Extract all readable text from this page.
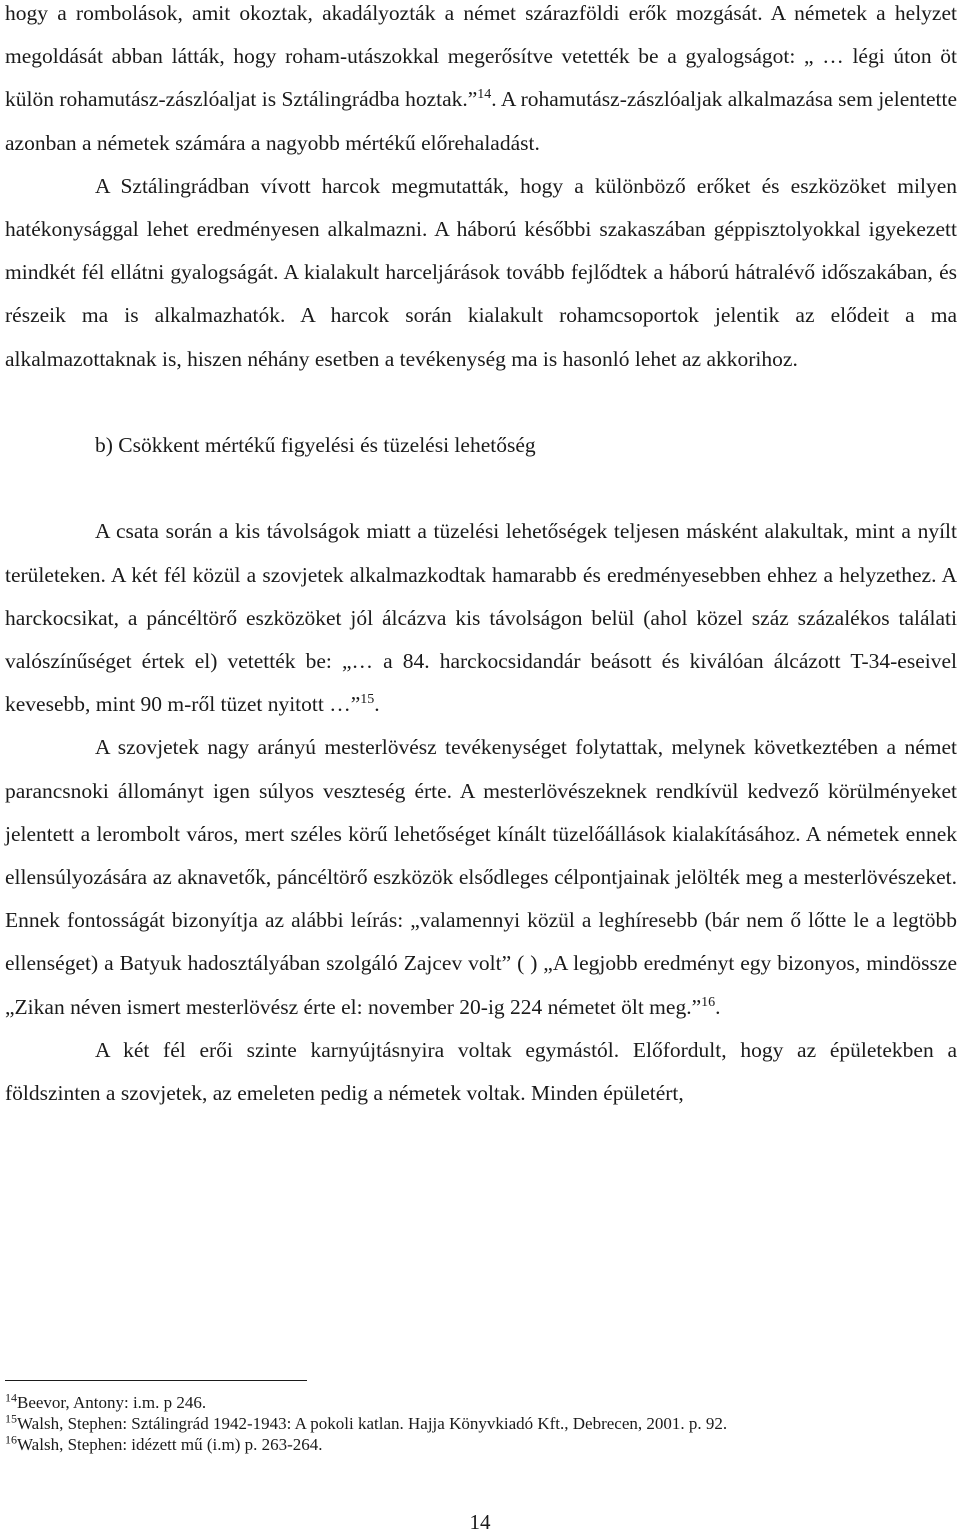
hogy a rombolások, amit okoztak, akadályozták a német szárazföldi erők mozgását. A németek a helyzet megoldását abban látták, hogy roham-utászokkal megerősítve vetették be a gyalogságot: „ … légi úton öt külön rohamutász-zászlóaljat is Sztálingrádba hoztak.”$^{14}$. A rohamutász-zászlóaljak alkalmazása sem jelentette azonban a németek számára a nagyobb mértékű előrehaladást.

A Sztálingrádban vívott harcok megmutatták, hogy a különböző erőket és eszközöket milyen hatékonysággal lehet eredményesen alkalmazni. A háború későbbi szakaszában géppisztolyokkal igyekezett mindkét fél ellátni gyalogságát. A kialakult harceljárások tovább fejlődtek a háború hátralévő időszakában, és részeik ma is alkalmazhatók. A harcok során kialakult rohamcsoportok jelentik az elődeit a ma alkalmazottaknak is, hiszen néhány esetben a tevékenység ma is hasonló lehet az akkorihoz.

b) Csökkent mértékű figyelési és tüzelési lehetőség

A csata során a kis távolságok miatt a tüzelési lehetőségek teljesen másként alakultak, mint a nyílt területeken. A két fél közül a szovjetek alkalmazkodtak hamarabb és eredményesebben ehhez a helyzethez. A harckocsikat, a páncéltörő eszközöket jól álcázva kis távolságon belül (ahol közel száz százalékos találati valószínűséget értek el) vetették be: „… a 84. harckocsidandár beásott és kiválóan álcázott T-34-eseivel kevesebb, mint 90 m-ről tüzet nyitott …”$^{15}$.

A szovjetek nagy arányú mesterlövész tevékenységet folytattak, melynek következtében a német parancsnoki állományt igen súlyos veszteség érte. A mesterlövészeknek rendkívül kedvező körülményeket jelentett a lerombolt város, mert széles körű lehetőséget kínált tüzelőállások kialakításához. A németek ennek ellensúlyozására az aknavetők, páncéltörő eszközök elsődleges célpontjainak jelölték meg a mesterlövészeket. Ennek fontosságát bizonyítja az alábbi leírás: „valamennyi közül a leghíresebb (bár nem ő lőtte le a legtöbb ellenséget) a Batyuk hadosztályában szolgáló Zajcev volt” ( ) „A legjobb eredményt egy bizonyos, mindössze „Zikan néven ismert mesterlövész érte el: november 20-ig 224 németet ölt meg.”$^{16}$.

A két fél erői szinte karnyújtásnyira voltak egymástól. Előfordult, hogy az épületekben a földszinten a szovjetek, az emeleten pedig a németek voltak. Minden épületért,

$^{14}$Beevor, Antony: i.m. p 246.
$^{15}$Walsh, Stephen: Sztálingrád 1942-1943: A pokoli katlan. Hajja Könyvkiadó Kft., Debrecen, 2001. p. 92.
$^{16}$Walsh, Stephen: idézett mű (i.m) p. 263-264.
14
